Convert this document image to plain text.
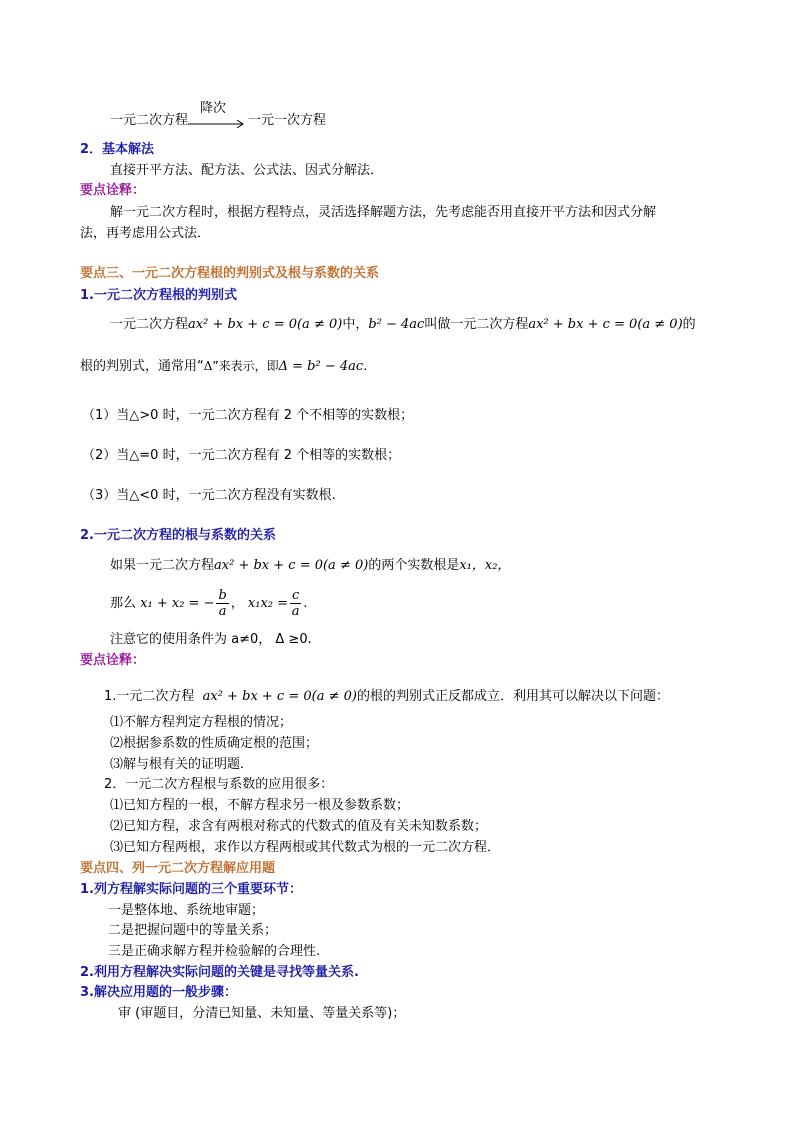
一元二次方程
降次
一元一次方程
2．基本解法
直接开平方法、配方法、公式法、因式分解法．
要点诠释：
解一元二次方程时，根据方程特点，灵活选择解题方法，先考虑能否用直接开平方法和因式分解
法，再考虑用公式法．
要点三、一元二次方程根的判别式及根与系数的关系
1.一元二次方程根的判别式
一元二次方程ax² + bx + c = 0(a ≠ 0)中，b² − 4ac叫做一元二次方程ax² + bx + c = 0(a ≠ 0)的
根的判别式，通常用“Δ”来表示，即Δ = b² − 4ac.
（1）当△>0 时，一元二次方程有 2 个不相等的实数根；
（2）当△=0 时，一元二次方程有 2 个相等的实数根；
（3）当△<0 时，一元二次方程没有实数根.
2.一元二次方程的根与系数的关系
如果一元二次方程ax² + bx + c = 0(a ≠ 0)的两个实数根是x₁，x₂，
那么 x₁ + x₂ = − $\frac{b}{a}$ ， $x_1x_2 = \frac{c}{a}$ .
注意它的使用条件为 a≠0， Δ ≥0.
要点诠释：
1.一元二次方程 ax² + bx + c = 0(a ≠ 0)的根的判别式正反都成立．利用其可以解决以下问题：
⑴不解方程判定方程根的情况；
⑵根据参系数的性质确定根的范围；
⑶解与根有关的证明题．
2．一元二次方程根与系数的应用很多：
⑴已知方程的一根，不解方程求另一根及参数系数；
⑵已知方程，求含有两根对称式的代数式的值及有关未知数系数；
⑶已知方程两根，求作以方程两根或其代数式为根的一元二次方程．
要点四、列一元二次方程解应用题
1.列方程解实际问题的三个重要环节：
一是整体地、系统地审题；
二是把握问题中的等量关系；
三是正确求解方程并检验解的合理性.
2.利用方程解决实际问题的关键是寻找等量关系.
3.解决应用题的一般步骤：
审 (审题目，分清已知量、未知量、等量关系等)；
